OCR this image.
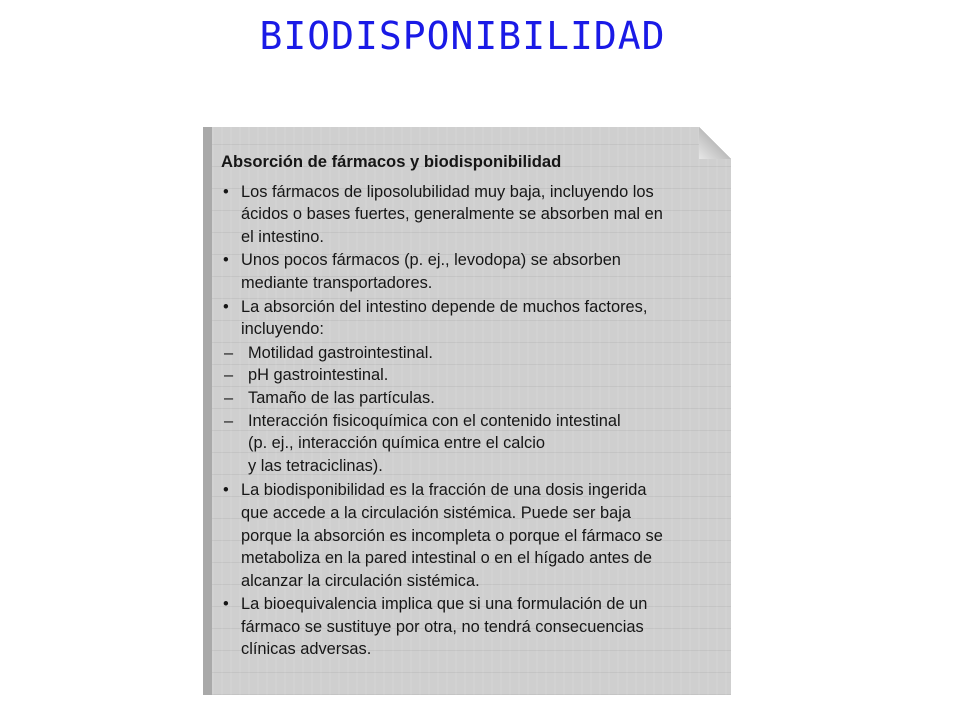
BIODISPONIBILIDAD
Absorción de fármacos y biodisponibilidad
• Los fármacos de liposolubilidad muy baja, incluyendo los
ácidos o bases fuertes, generalmente se absorben mal en
el intestino.
• Unos pocos fármacos (p. ej., levodopa) se absorben
mediante transportadores.
• La absorción del intestino depende de muchos factores,
incluyendo:
– Motilidad gastrointestinal.
– pH gastrointestinal.
– Tamaño de las partículas.
– Interacción fisicoquímica con el contenido intestinal
(p. ej., interacción química entre el calcio
y las tetraciclinas).
• La biodisponibilidad es la fracción de una dosis ingerida
que accede a la circulación sistémica. Puede ser baja
porque la absorción es incompleta o porque el fármaco se
metaboliza en la pared intestinal o en el hígado antes de
alcanzar la circulación sistémica.
• La bioequivalencia implica que si una formulación de un
fármaco se sustituye por otra, no tendrá consecuencias
clínicas adversas.
